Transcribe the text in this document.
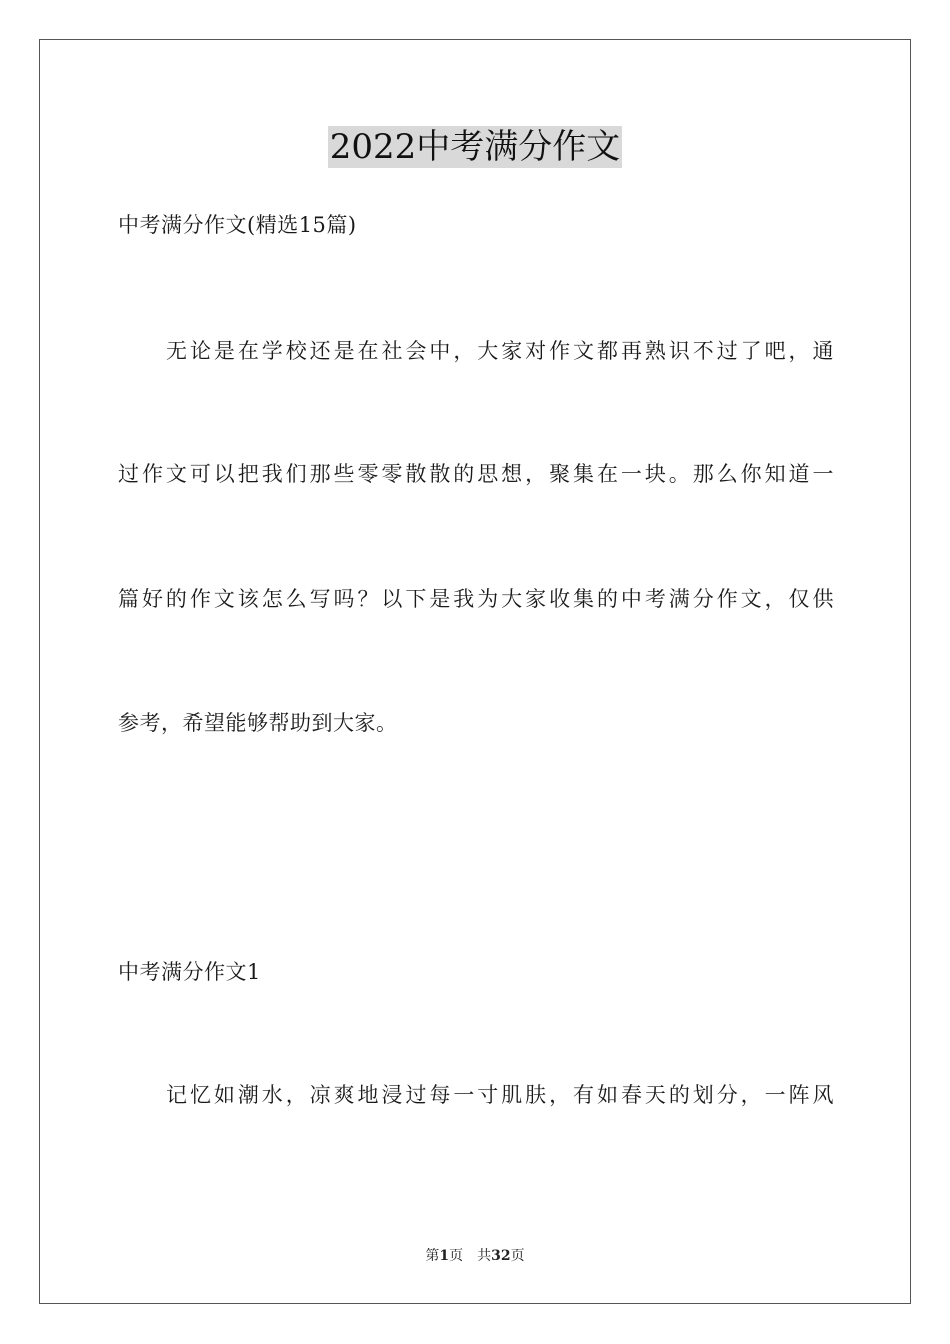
2022中考满分作文
中考满分作文(精选15篇)
无论是在学校还是在社会中，大家对作文都再熟识不过了吧，通
过作文可以把我们那些零零散散的思想，聚集在一块。那么你知道一
篇好的作文该怎么写吗？以下是我为大家收集的中考满分作文，仅供
参考，希望能够帮助到大家。
中考满分作文1
记忆如潮水，凉爽地浸过每一寸肌肤，有如春天的划分，一阵风
第1页 共32页
